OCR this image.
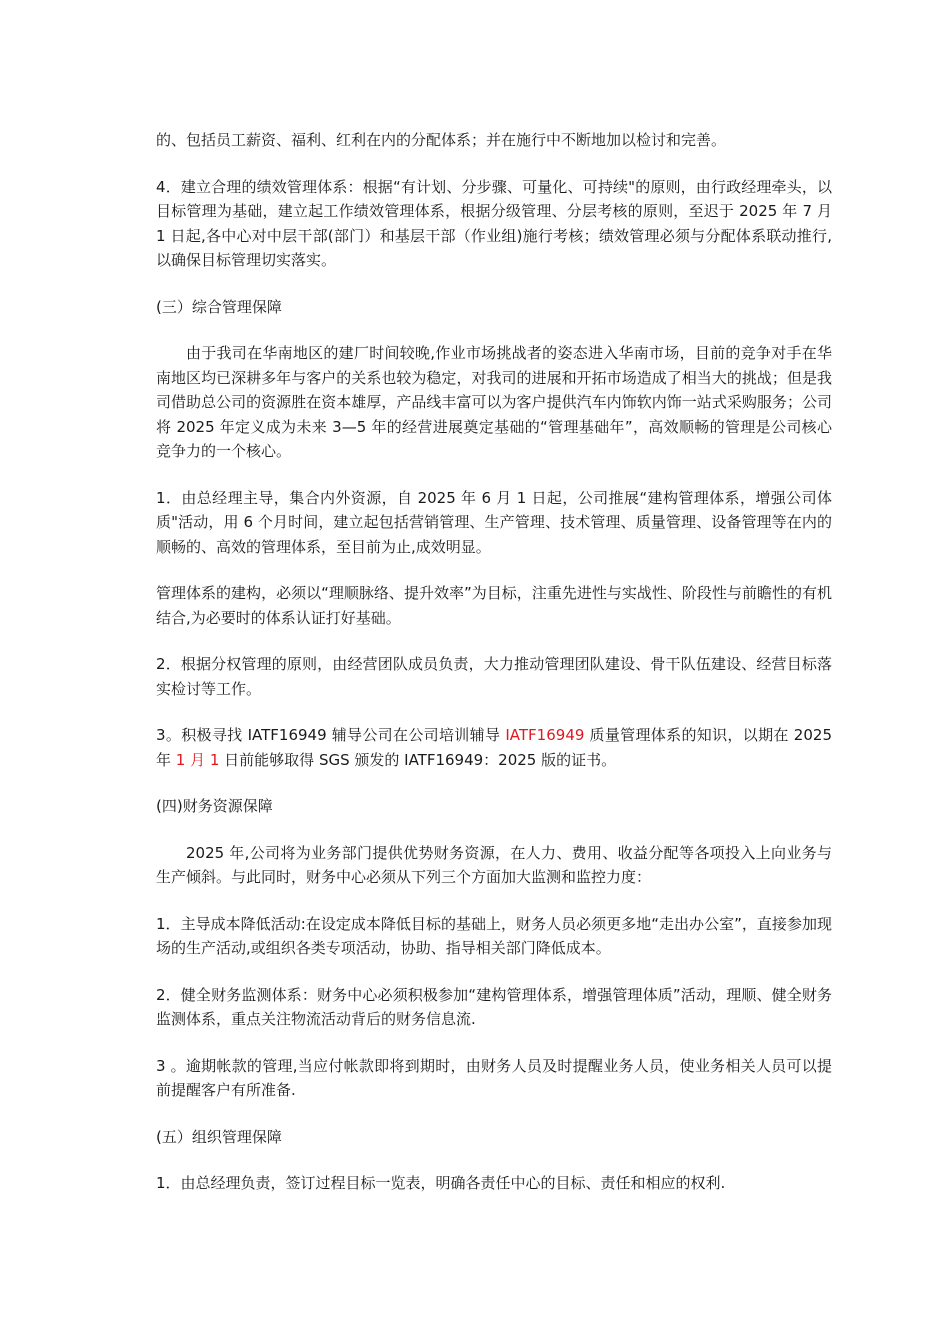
的、包括员工薪资、福利、红利在内的分配体系；并在施行中不断地加以检讨和完善。

4．建立合理的绩效管理体系：根据“有计划、分步骤、可量化、可持续"的原则，由行政经理牵头，以目标管理为基础，建立起工作绩效管理体系，根据分级管理、分层考核的原则，至迟于 2025 年 7 月 1 日起,各中心对中层干部(部门）和基层干部（作业组)施行考核；绩效管理必须与分配体系联动推行,以确保目标管理切实落实。

(三）综合管理保障

由于我司在华南地区的建厂时间较晚,作业市场挑战者的姿态进入华南市场，目前的竞争对手在华南地区均已深耕多年与客户的关系也较为稳定，对我司的进展和开拓市场造成了相当大的挑战；但是我司借助总公司的资源胜在资本雄厚，产品线丰富可以为客户提供汽车内饰软内饰一站式采购服务；公司将 2025 年定义成为未来 3—5 年的经营进展奠定基础的“管理基础年”，高效顺畅的管理是公司核心竞争力的一个核心。

1．由总经理主导，集合内外资源，自 2025 年 6 月 1 日起，公司推展“建构管理体系，增强公司体质"活动，用 6 个月时间，建立起包括营销管理、生产管理、技术管理、质量管理、设备管理等在内的顺畅的、高效的管理体系，至目前为止,成效明显。

管理体系的建构，必须以“理顺脉络、提升效率”为目标，注重先进性与实战性、阶段性与前瞻性的有机结合,为必要时的体系认证打好基础。

2．根据分权管理的原则，由经营团队成员负责，大力推动管理团队建设、骨干队伍建设、经营目标落实检讨等工作。

3。积极寻找 IATF16949 辅导公司在公司培训辅导 IATF16949 质量管理体系的知识，以期在 2025 年 1 月 1 日前能够取得 SGS 颁发的 IATF16949：2025 版的证书。

(四)财务资源保障

2025 年,公司将为业务部门提供优势财务资源，在人力、费用、收益分配等各项投入上向业务与生产倾斜。与此同时，财务中心必须从下列三个方面加大监测和监控力度：

1．主导成本降低活动:在设定成本降低目标的基础上，财务人员必须更多地“走出办公室”，直接参加现场的生产活动,或组织各类专项活动，协助、指导相关部门降低成本。

2．健全财务监测体系：财务中心必须积极参加“建构管理体系，增强管理体质”活动，理顺、健全财务监测体系，重点关注物流活动背后的财务信息流.

3 。逾期帐款的管理,当应付帐款即将到期时，由财务人员及时提醒业务人员，使业务相关人员可以提前提醒客户有所准备.

(五）组织管理保障

1．由总经理负责，签订过程目标一览表，明确各责任中心的目标、责任和相应的权利.
